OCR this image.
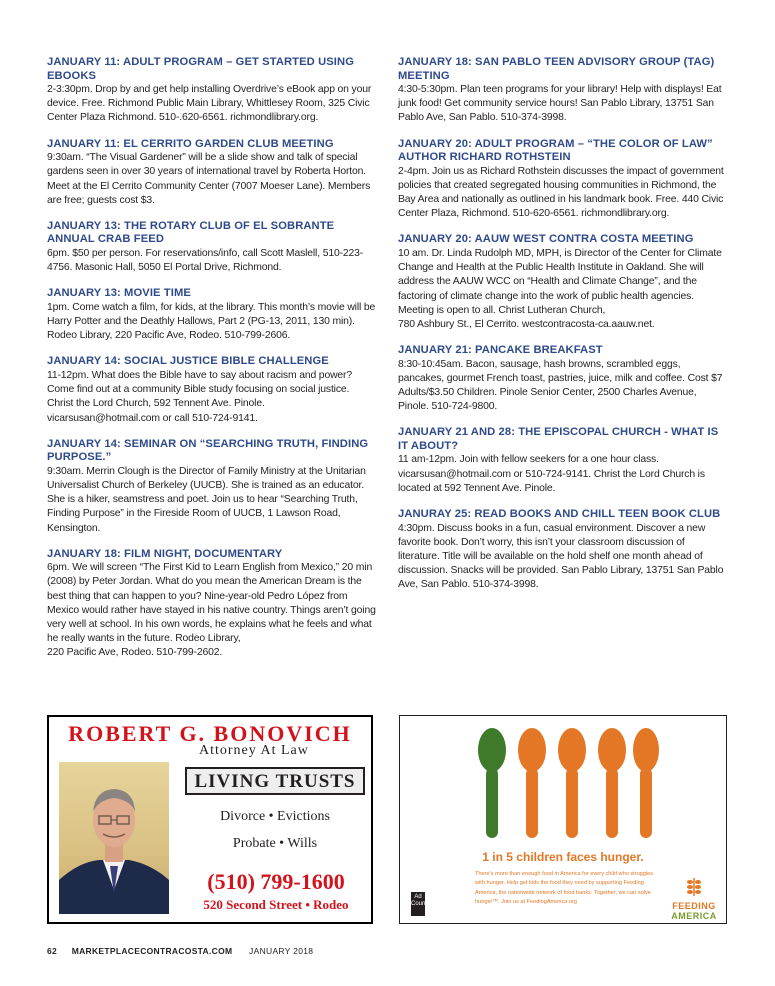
JANUARY 11: ADULT PROGRAM – GET STARTED USING EBOOKS
2-3:30pm. Drop by and get help installing Overdrive’s eBook app on your device. Free. Richmond Public Main Library, Whittlesey Room, 325 Civic Center Plaza Richmond. 510-.620-6561. richmondlibrary.org.
JANUARY 11: EL CERRITO GARDEN CLUB MEETING
9:30am. “The Visual Gardener” will be a slide show and talk of special gardens seen in over 30 years of international travel by Roberta Horton. Meet at the El Cerrito Community Center (7007 Moeser Lane). Members are free; guests cost $3.
JANUARY 13: THE ROTARY CLUB OF EL SOBRANTE ANNUAL CRAB FEED
6pm. $50 per person. For reservations/info, call Scott Maslell, 510-223-4756. Masonic Hall, 5050 El Portal Drive, Richmond.
JANUARY 13: MOVIE TIME
1pm. Come watch a film, for kids, at the library. This month’s movie will be Harry Potter and the Deathly Hallows, Part 2 (PG-13, 2011, 130 min). Rodeo Library, 220 Pacific Ave, Rodeo. 510-799-2606.
JANUARY 14: SOCIAL JUSTICE BIBLE CHALLENGE
11-12pm. What does the Bible have to say about racism and power? Come find out at a community Bible study focusing on social justice. Christ the Lord Church, 592 Tennent Ave. Pinole. vicarsusan@hotmail.com or call 510-724-9141.
JANUARY 14: SEMINAR ON “SEARCHING TRUTH, FINDING PURPOSE.”
9:30am. Merrin Clough is the Director of Family Ministry at the Unitarian Universalist Church of Berkeley (UUCB). She is trained as an educator. She is a hiker, seamstress and poet. Join us to hear “Searching Truth, Finding Purpose” in the Fireside Room of UUCB, 1 Lawson Road, Kensington.
JANUARY 18: FILM NIGHT, DOCUMENTARY
6pm. We will screen “The First Kid to Learn English from Mexico,” 20 min (2008) by Peter Jordan. What do you mean the American Dream is the best thing that can happen to you? Nine-year-old Pedro López from Mexico would rather have stayed in his native country. Things aren’t going very well at school. In his own words, he explains what he feels and what he really wants in the future. Rodeo Library,
220 Pacific Ave, Rodeo. 510-799-2602.
JANUARY 18: SAN PABLO TEEN ADVISORY GROUP (TAG) MEETING
4:30-5:30pm. Plan teen programs for your library! Help with displays! Eat junk food! Get community service hours! San Pablo Library, 13751 San Pablo Ave, San Pablo. 510-374-3998.
JANUARY 20: ADULT PROGRAM – “THE COLOR OF LAW” AUTHOR RICHARD ROTHSTEIN
2-4pm. Join us as Richard Rothstein discusses the impact of government policies that created segregated housing communities in Richmond, the Bay Area and nationally as outlined in his landmark book. Free. 440 Civic Center Plaza, Richmond. 510-620-6561. richmondlibrary.org.
JANUARY 20: AAUW WEST CONTRA COSTA MEETING
10 am. Dr. Linda Rudolph MD, MPH, is Director of the Center for Climate Change and Health at the Public Health Institute in Oakland. She will address the AAUW WCC on “Health and Climate Change”, and the factoring of climate change into the work of public health agencies. Meeting is open to all. Christ Lutheran Church,
780 Ashbury St., El Cerrito. westcontracosta-ca.aauw.net.
JANUARY 21: PANCAKE BREAKFAST
8:30-10:45am. Bacon, sausage, hash browns, scrambled eggs, pancakes, gourmet French toast, pastries, juice, milk and coffee. Cost $7 Adults/$3.50 Children. Pinole Senior Center, 2500 Charles Avenue, Pinole. 510-724-9800.
JANUARY 21 AND 28: THE EPISCOPAL CHURCH - WHAT IS IT ABOUT?
11 am-12pm. Join with fellow seekers for a one hour class. vicarsusan@hotmail.com or 510-724-9141. Christ the Lord Church is located at 592 Tennent Ave. Pinole.
JANURAY 25: READ BOOKS AND CHILL TEEN BOOK CLUB
4:30pm. Discuss books in a fun, casual environment. Discover a new favorite book. Don’t worry, this isn’t your classroom discussion of literature. Title will be available on the hold shelf one month ahead of discussion. Snacks will be provided. San Pablo Library, 13751 San Pablo Ave, San Pablo. 510-374-3998.
ROBERT G. BONOVICH
Attorney At Law
LIVING TRUSTS
Divorce • Evictions
Probate • Wills
(510) 799-1600
520 Second Street • Rodeo
1 in 5 children faces hunger.
There’s more than enough food in America for every child who struggles with hunger. Help get kids the food they need by supporting Feeding America, the nationwide network of food banks. Together, we can solve hunger™. Join us at FeedingAmerica.org
Ad Council	FEEDING
AMERICA
62 MARKETPLACECONTRACOSTA.COM JANUARY 2018
